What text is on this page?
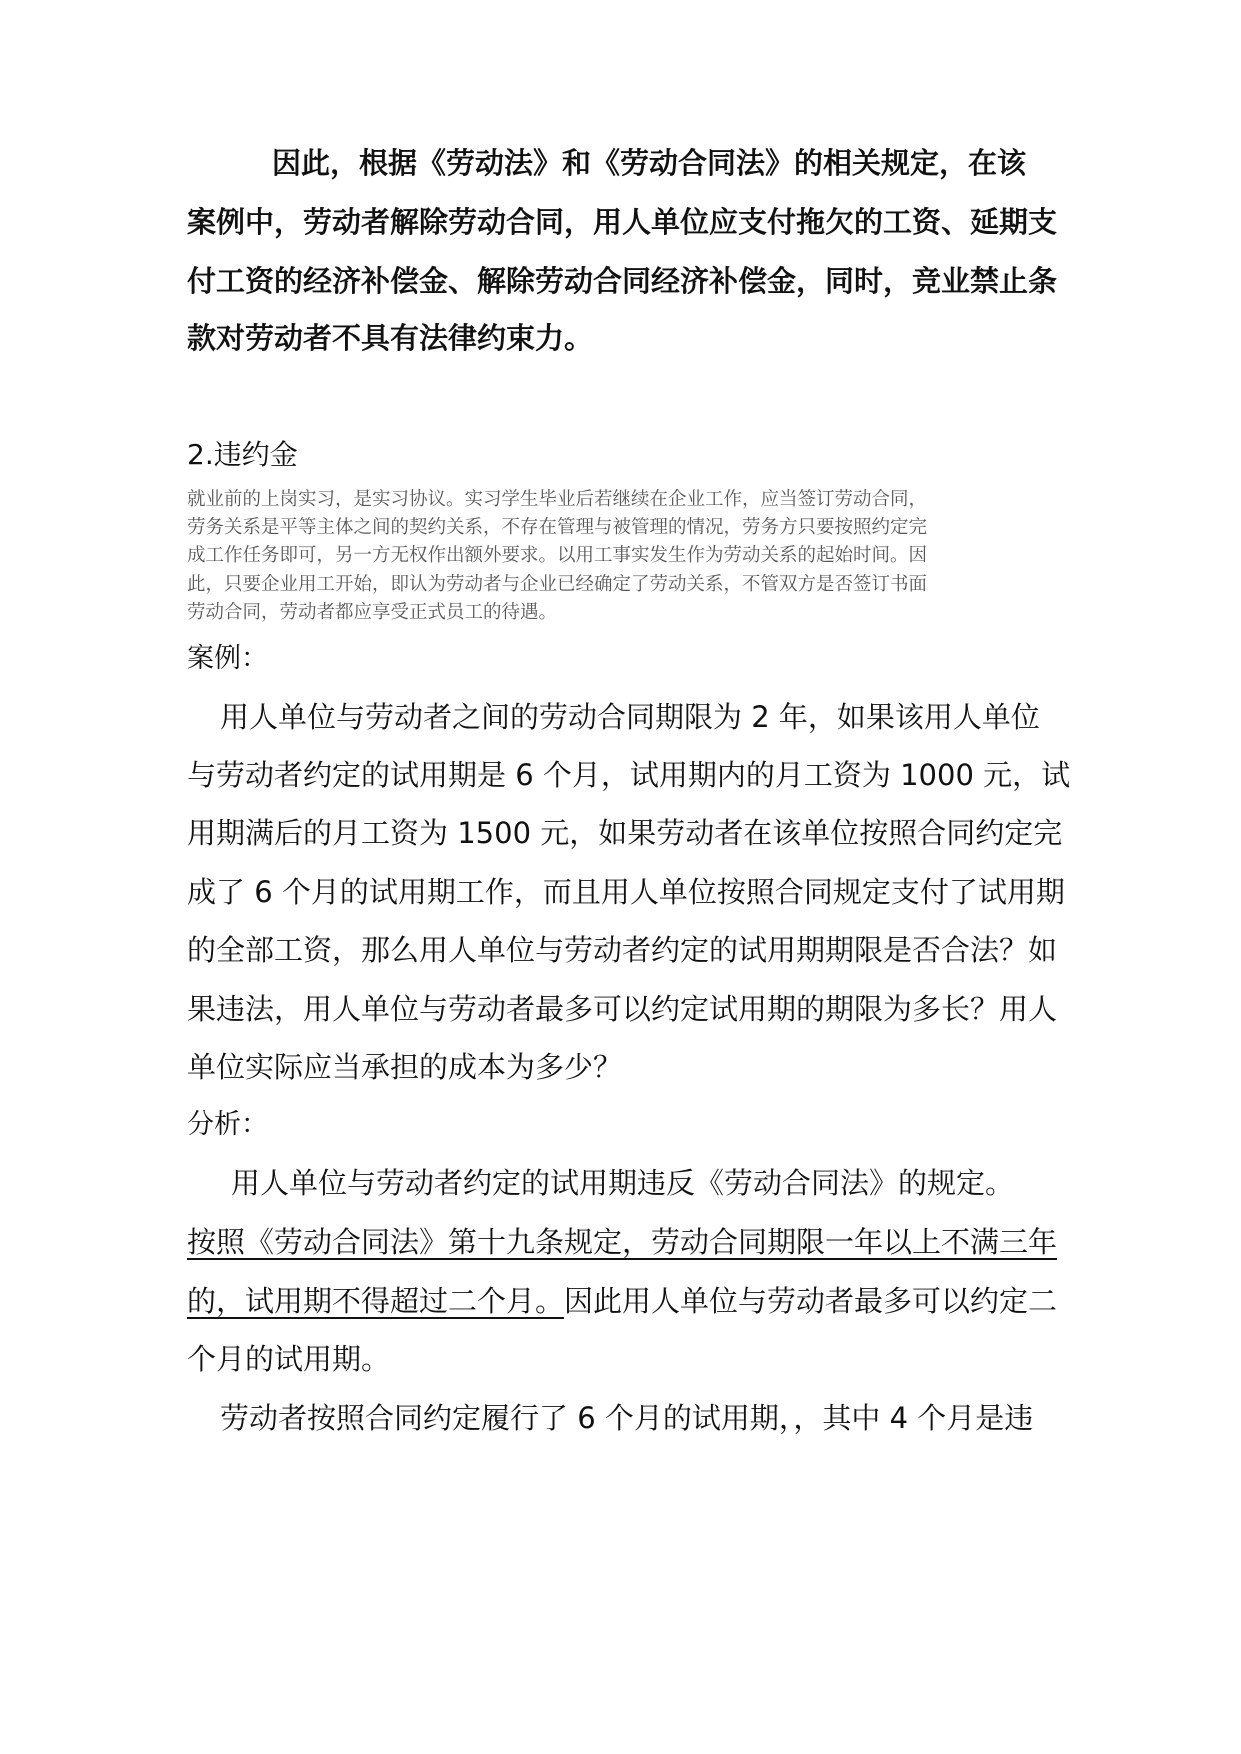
因此，根据《劳动法》和《劳动合同法》的相关规定，在该
案例中，劳动者解除劳动合同，用人单位应支付拖欠的工资、延期支
付工资的经济补偿金、解除劳动合同经济补偿金，同时，竞业禁止条
款对劳动者不具有法律约束力。
2.违约金
就业前的上岗实习，是实习协议。实习学生毕业后若继续在企业工作，应当签订劳动合同，
劳务关系是平等主体之间的契约关系，不存在管理与被管理的情况，劳务方只要按照约定完
成工作任务即可，另一方无权作出额外要求。以用工事实发生作为劳动关系的起始时间。因
此，只要企业用工开始，即认为劳动者与企业已经确定了劳动关系，不管双方是否签订书面
劳动合同，劳动者都应享受正式员工的待遇。
案例：
用人单位与劳动者之间的劳动合同期限为 2 年，如果该用人单位
与劳动者约定的试用期是 6 个月，试用期内的月工资为 1000 元，试
用期满后的月工资为 1500 元，如果劳动者在该单位按照合同约定完
成了 6 个月的试用期工作，而且用人单位按照合同规定支付了试用期
的全部工资，那么用人单位与劳动者约定的试用期期限是否合法？如
果违法，用人单位与劳动者最多可以约定试用期的期限为多长？用人
单位实际应当承担的成本为多少？
分析：
用人单位与劳动者约定的试用期违反《劳动合同法》的规定。
按照《劳动合同法》第十九条规定，劳动合同期限一年以上不满三年
的，试用期不得超过二个月。因此用人单位与劳动者最多可以约定二
个月的试用期。
劳动者按照合同约定履行了 6 个月的试用期，，其中 4 个月是违
